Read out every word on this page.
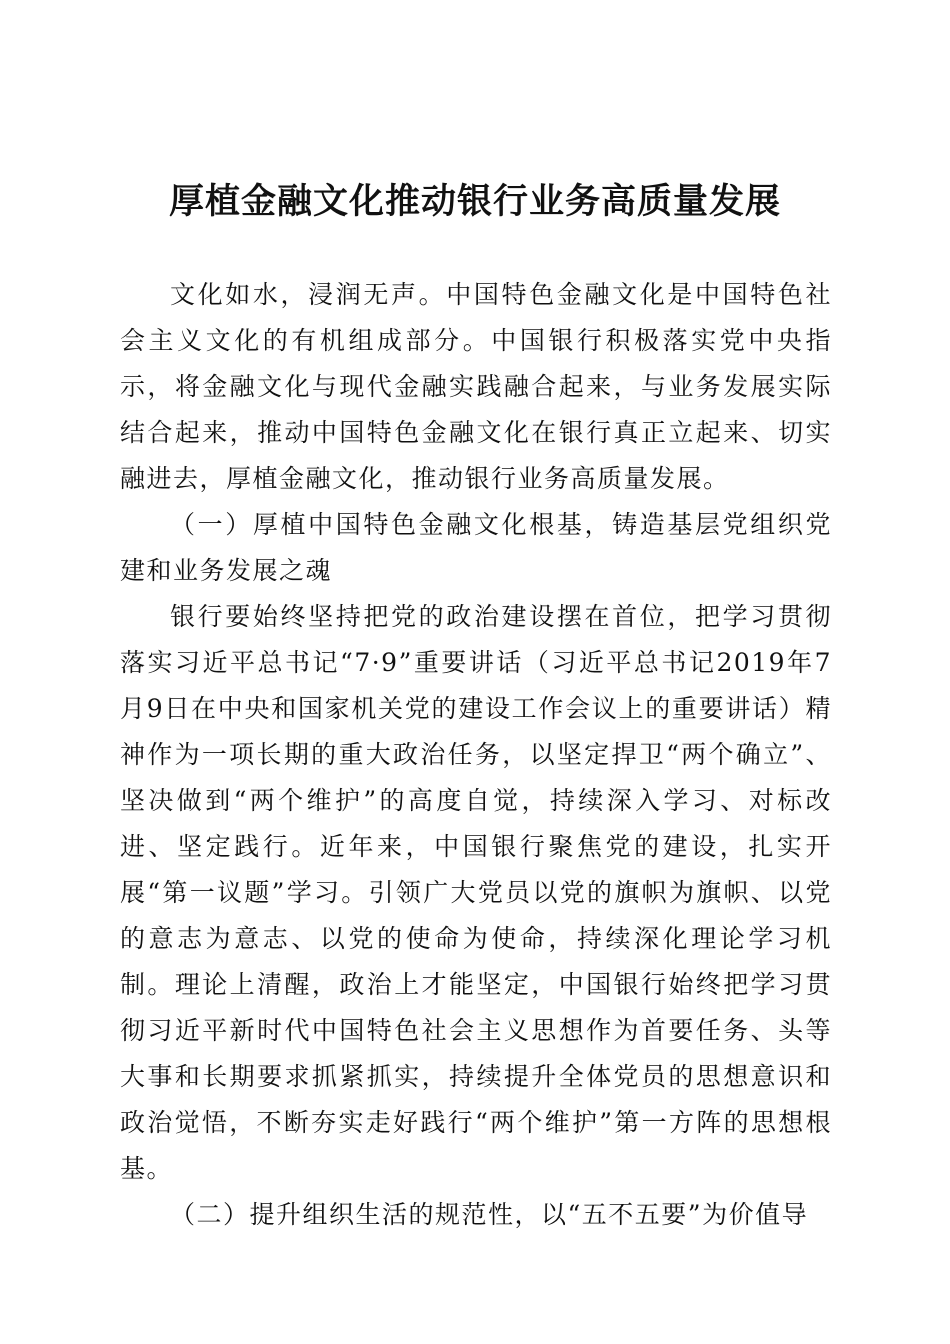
厚植金融文化推动银行业务高质量发展

文化如水，浸润无声。中国特色金融文化是中国特色社会主义文化的有机组成部分。中国银行积极落实党中央指示，将金融文化与现代金融实践融合起来，与业务发展实际结合起来，推动中国特色金融文化在银行真正立起来、切实融进去，厚植金融文化，推动银行业务高质量发展。

（一）厚植中国特色金融文化根基，铸造基层党组织党建和业务发展之魂

银行要始终坚持把党的政治建设摆在首位，把学习贯彻落实习近平总书记“7·9”重要讲话（习近平总书记2019年7月9日在中央和国家机关党的建设工作会议上的重要讲话）精神作为一项长期的重大政治任务，以坚定捍卫“两个确立”、坚决做到“两个维护”的高度自觉，持续深入学习、对标改进、坚定践行。近年来，中国银行聚焦党的建设，扎实开展“第一议题”学习。引领广大党员以党的旗帜为旗帜、以党的意志为意志、以党的使命为使命，持续深化理论学习机制。理论上清醒，政治上才能坚定，中国银行始终把学习贯彻习近平新时代中国特色社会主义思想作为首要任务、头等大事和长期要求抓紧抓实，持续提升全体党员的思想意识和政治觉悟，不断夯实走好践行“两个维护”第一方阵的思想根基。

（二）提升组织生活的规范性，以“五不五要”为价值导
